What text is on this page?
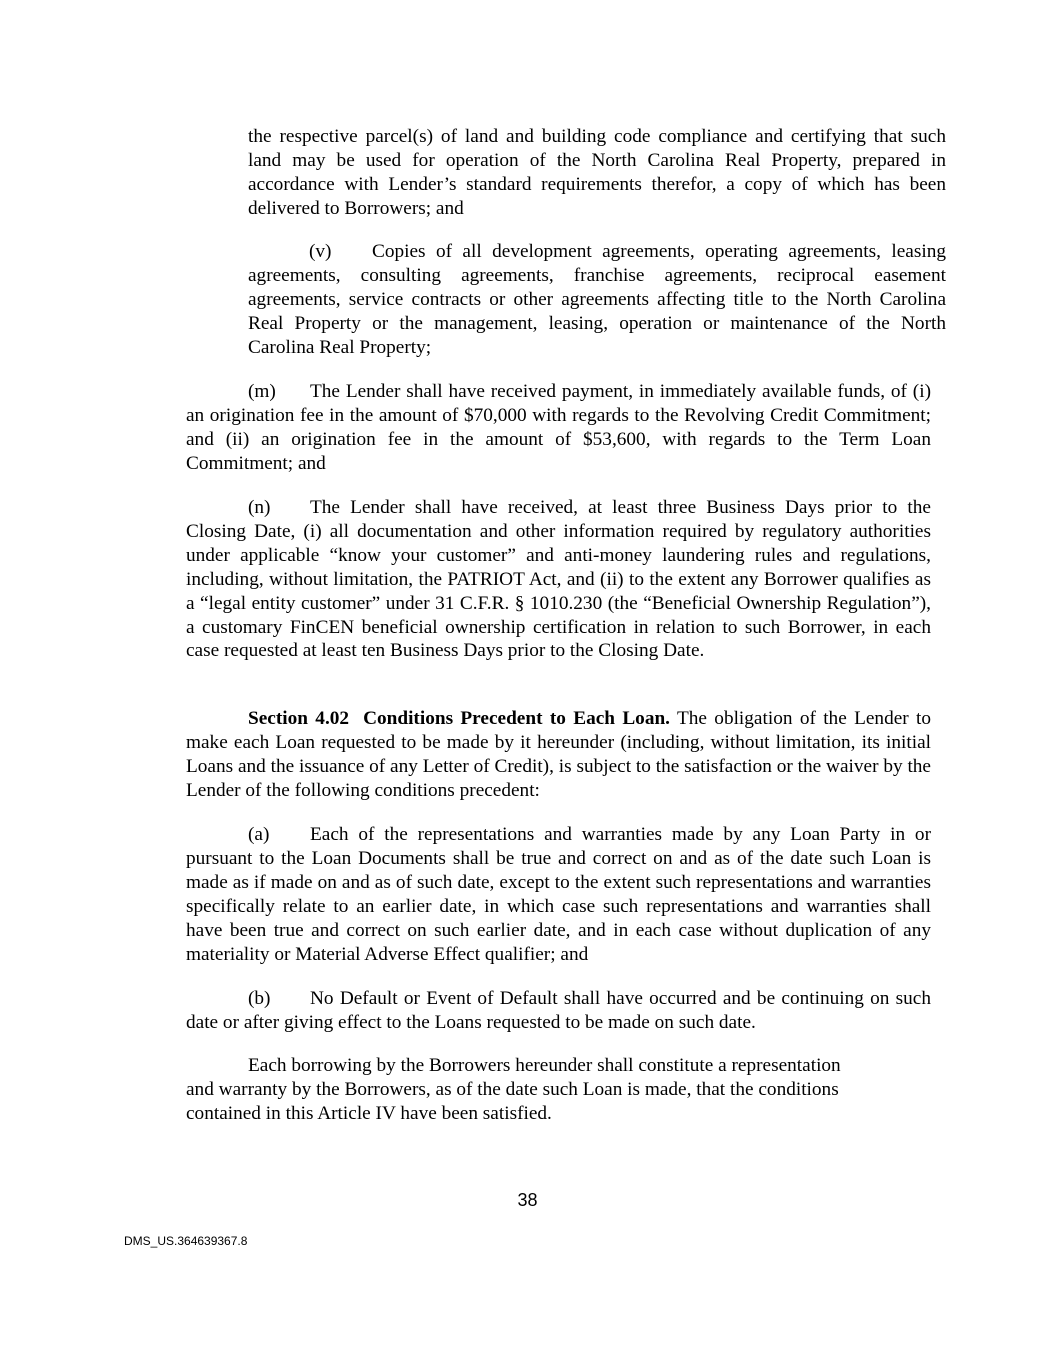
the respective parcel(s) of land and building code compliance and certifying that such land may be used for operation of the North Carolina Real Property, prepared in accordance with Lender’s standard requirements therefor, a copy of which has been delivered to Borrowers; and

(v) Copies of all development agreements, operating agreements, leasing agreements, consulting agreements, franchise agreements, reciprocal easement agreements, service contracts or other agreements affecting title to the North Carolina Real Property or the management, leasing, operation or maintenance of the North Carolina Real Property;

(m) The Lender shall have received payment, in immediately available funds, of (i) an origination fee in the amount of $70,000 with regards to the Revolving Credit Commitment; and (ii) an origination fee in the amount of $53,600, with regards to the Term Loan Commitment; and

(n) The Lender shall have received, at least three Business Days prior to the Closing Date, (i) all documentation and other information required by regulatory authorities under applicable “know your customer” and anti-money laundering rules and regulations, including, without limitation, the PATRIOT Act, and (ii) to the extent any Borrower qualifies as a “legal entity customer” under 31 C.F.R. § 1010.230 (the “Beneficial Ownership Regulation”), a customary FinCEN beneficial ownership certification in relation to such Borrower, in each case requested at least ten Business Days prior to the Closing Date.

Section 4.02 Conditions Precedent to Each Loan. The obligation of the Lender to make each Loan requested to be made by it hereunder (including, without limitation, its initial Loans and the issuance of any Letter of Credit), is subject to the satisfaction or the waiver by the Lender of the following conditions precedent:

(a) Each of the representations and warranties made by any Loan Party in or pursuant to the Loan Documents shall be true and correct on and as of the date such Loan is made as if made on and as of such date, except to the extent such representations and warranties specifically relate to an earlier date, in which case such representations and warranties shall have been true and correct on such earlier date, and in each case without duplication of any materiality or Material Adverse Effect qualifier; and

(b) No Default or Event of Default shall have occurred and be continuing on such date or after giving effect to the Loans requested to be made on such date.

Each borrowing by the Borrowers hereunder shall constitute a representation and warranty by the Borrowers, as of the date such Loan is made, that the conditions contained in this Article IV have been satisfied.

38
DMS_US.364639367.8
